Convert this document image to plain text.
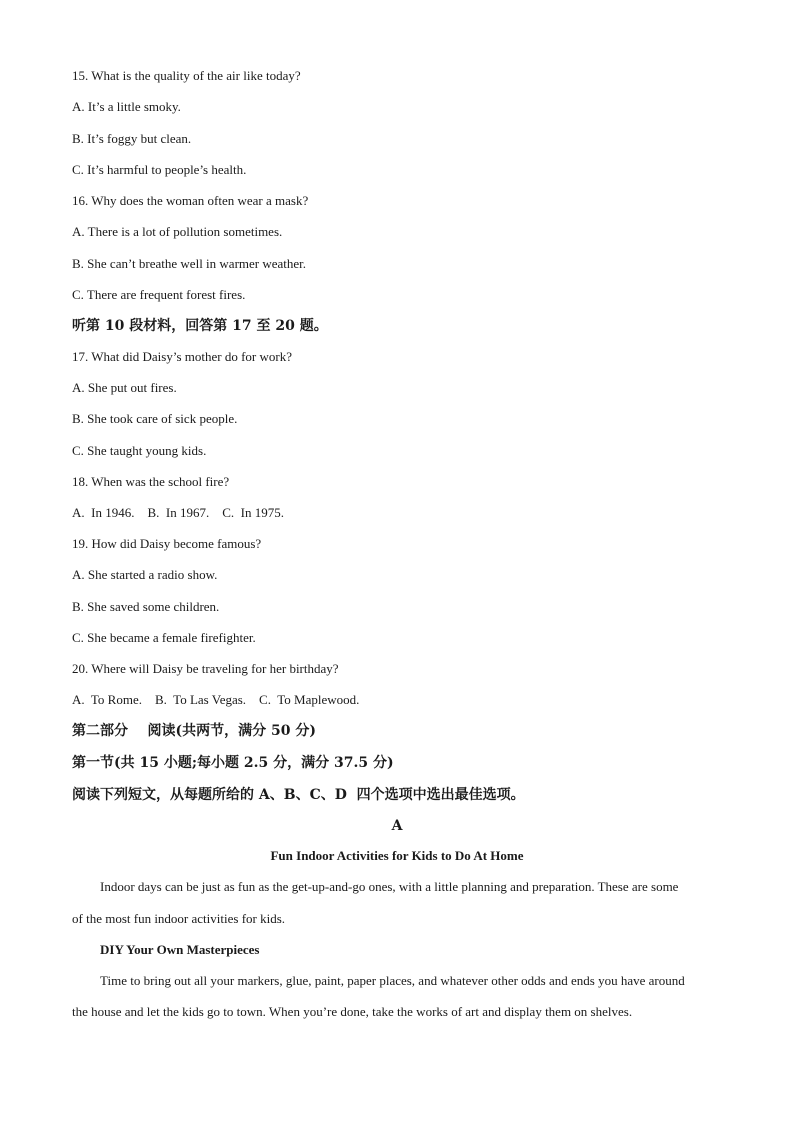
15. What is the quality of the air like today?
A. It’s a little smoky.
B. It’s foggy but clean.
C. It’s harmful to people’s health.
16. Why does the woman often wear a mask?
A. There is a lot of pollution sometimes.
B. She can’t breathe well in warmer weather.
C. There are frequent forest fires.
听第 10 段材料，回答第 17 至 20 题。
17. What did Daisy’s mother do for work?
A. She put out fires.
B. She took care of sick people.
C. She taught young kids.
18. When was the school fire?
A.  In 1946.    B.  In 1967.    C.  In 1975.
19. How did Daisy become famous?
A. She started a radio show.
B. She saved some children.
C. She became a female firefighter.
20. Where will Daisy be traveling for her birthday?
A.  To Rome.    B.  To Las Vegas.    C.  To Maplewood.
第二部分    阅读(共两节，满分 50 分)
第一节(共 15 小题;每小题 2.5 分，满分 37.5 分)
阅读下列短文，从每题所给的 A、B、C、D  四个选项中选出最佳选项。
A
Fun Indoor Activities for Kids to Do At Home
Indoor days can be just as fun as the get-up-and-go ones, with a little planning and preparation. These are some
of the most fun indoor activities for kids.
DIY Your Own Masterpieces
Time to bring out all your markers, glue, paint, paper places, and whatever other odds and ends you have around
the house and let the kids go to town. When you’re done, take the works of art and display them on shelves.
